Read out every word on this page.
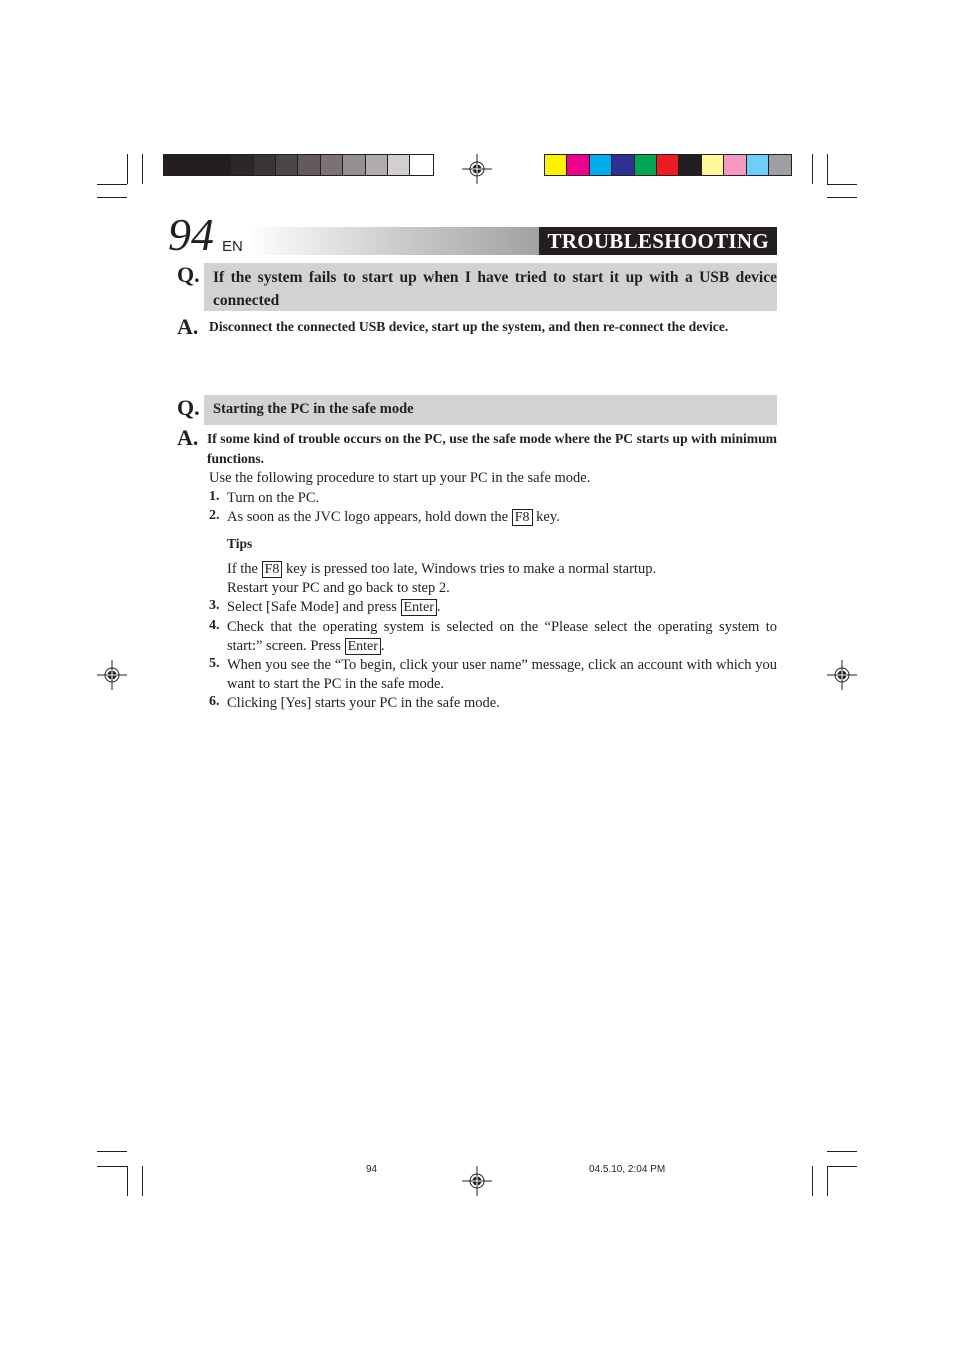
94 EN	TROUBLESHOOTING
Q. If the system fails to start up when I have tried to start it up with a USB device connected
A. Disconnect the connected USB device, start up the system, and then re-connect the device.
Q. Starting the PC in the safe mode
A. If some kind of trouble occurs on the PC, use the safe mode where the PC starts up with minimum functions.
Use the following procedure to start up your PC in the safe mode.
1. Turn on the PC.
2. As soon as the JVC logo appears, hold down the F8 key.
Tips
If the F8 key is pressed too late, Windows tries to make a normal startup.
Restart your PC and go back to step 2.
3. Select [Safe Mode] and press Enter .
4. Check that the operating system is selected on the “Please select the operating system to start:” screen. Press Enter .
5. When you see the “To begin, click your user name” message, click an account with which you want to start the PC in the safe mode.
6. Clicking [Yes] starts your PC in the safe mode.
94	04.5.10, 2:04 PM
